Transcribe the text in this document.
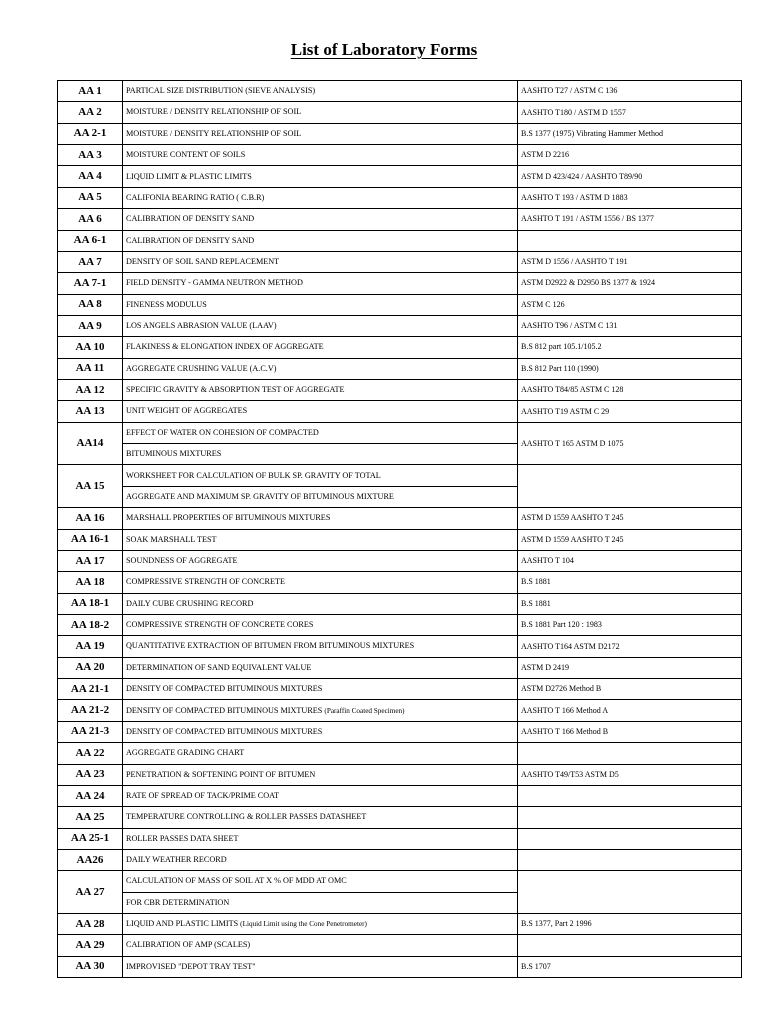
List of Laboratory Forms
AA 1	PARTICAL SIZE DISTRIBUTION (SIEVE ANALYSIS)	AASHTO T27 / ASTM C 136
AA 2	MOISTURE / DENSITY RELATIONSHIP OF SOIL	AASHTO T180 / ASTM D 1557
AA 2-1	MOISTURE / DENSITY RELATIONSHIP OF SOIL	B.S 1377 (1975) Vibrating Hammer Method
AA 3	MOISTURE CONTENT OF SOILS	ASTM D 2216
AA 4	LIQUID LIMIT & PLASTIC LIMITS	ASTM D 423/424 / AASHTO T89/90
AA 5	CALIFONIA BEARING RATIO ( C.B.R)	AASHTO T 193 / ASTM D 1883
AA 6	CALIBRATION OF DENSITY SAND	AASHTO T 191 / ASTM 1556 / BS 1377
AA 6-1	CALIBRATION OF DENSITY SAND	
AA 7	DENSITY OF SOIL SAND REPLACEMENT	ASTM D 1556 / AASHTO T 191
AA 7-1	FIELD DENSITY - GAMMA NEUTRON METHOD	ASTM D2922 & D2950 BS 1377 & 1924
AA 8	FINENESS MODULUS	ASTM C 126
AA 9	LOS ANGELS ABRASION VALUE (LAAV)	AASHTO T96 / ASTM C 131
AA 10	FLAKINESS & ELONGATION INDEX OF AGGREGATE	B.S 812 part 105.1/105.2
AA 11	AGGREGATE CRUSHING VALUE (A.C.V)	B.S 812 Part 110 (1990)
AA 12	SPECIFIC GRAVITY & ABSORPTION TEST OF AGGREGATE	AASHTO T84/85 ASTM C 128
AA 13	UNIT WEIGHT OF AGGREGATES	AASHTO T19 ASTM C 29
AA14	EFFECT OF WATER ON COHESION OF COMPACTED	AASHTO T 165 ASTM D 1075
	BITUMINOUS MIXTURES	
AA 15	WORKSHEET FOR CALCULATION OF BULK SP. GRAVITY OF TOTAL	
	AGGREGATE AND MAXIMUM SP. GRAVITY OF BITUMINOUS MIXTURE	
AA 16	MARSHALL PROPERTIES OF BITUMINOUS MIXTURES	ASTM D 1559 AASHTO T 245
AA 16-1	SOAK MARSHALL TEST	ASTM D 1559 AASHTO T 245
AA 17	SOUNDNESS OF AGGREGATE	AASHTO T 104
AA 18	COMPRESSIVE STRENGTH OF CONCRETE	B.S 1881
AA 18-1	DAILY CUBE CRUSHING RECORD	B.S 1881
AA 18-2	COMPRESSIVE STRENGTH OF CONCRETE CORES	B.S 1881 Part 120 : 1983
AA 19	QUANTITATIVE EXTRACTION OF BITUMEN FROM BITUMINOUS MIXTURES	AASHTO T164 ASTM D2172
AA 20	DETERMINATION OF SAND EQUIVALENT VALUE	ASTM D 2419
AA 21-1	DENSITY OF COMPACTED BITUMINOUS MIXTURES	ASTM D2726 Method B
AA 21-2	DENSITY OF COMPACTED BITUMINOUS MIXTURES (Paraffin Coated Specimen)	AASHTO T 166 Method A
AA 21-3	DENSITY OF COMPACTED BITUMINOUS MIXTURES	AASHTO T 166 Method B
AA 22	AGGREGATE GRADING CHART	
AA 23	PENETRATION & SOFTENING POINT OF BITUMEN	AASHTO T49/T53 ASTM D5
AA 24	RATE OF SPREAD OF TACK/PRIME COAT	
AA 25	TEMPERATURE CONTROLLING & ROLLER PASSES DATASHEET	
AA 25-1	ROLLER PASSES DATA SHEET	
AA26	DAILY WEATHER RECORD	
AA 27	CALCULATION OF MASS OF SOIL AT X % OF MDD AT OMC	
	FOR CBR DETERMINATION	
AA 28	LIQUID AND PLASTIC LIMITS (Liquid Limit using the Cone Penetrometer)	B.S 1377, Part 2 1996
AA 29	CALIBRATION OF AMP (SCALES)	
AA 30	IMPROVISED "DEPOT TRAY TEST"	B.S 1707
